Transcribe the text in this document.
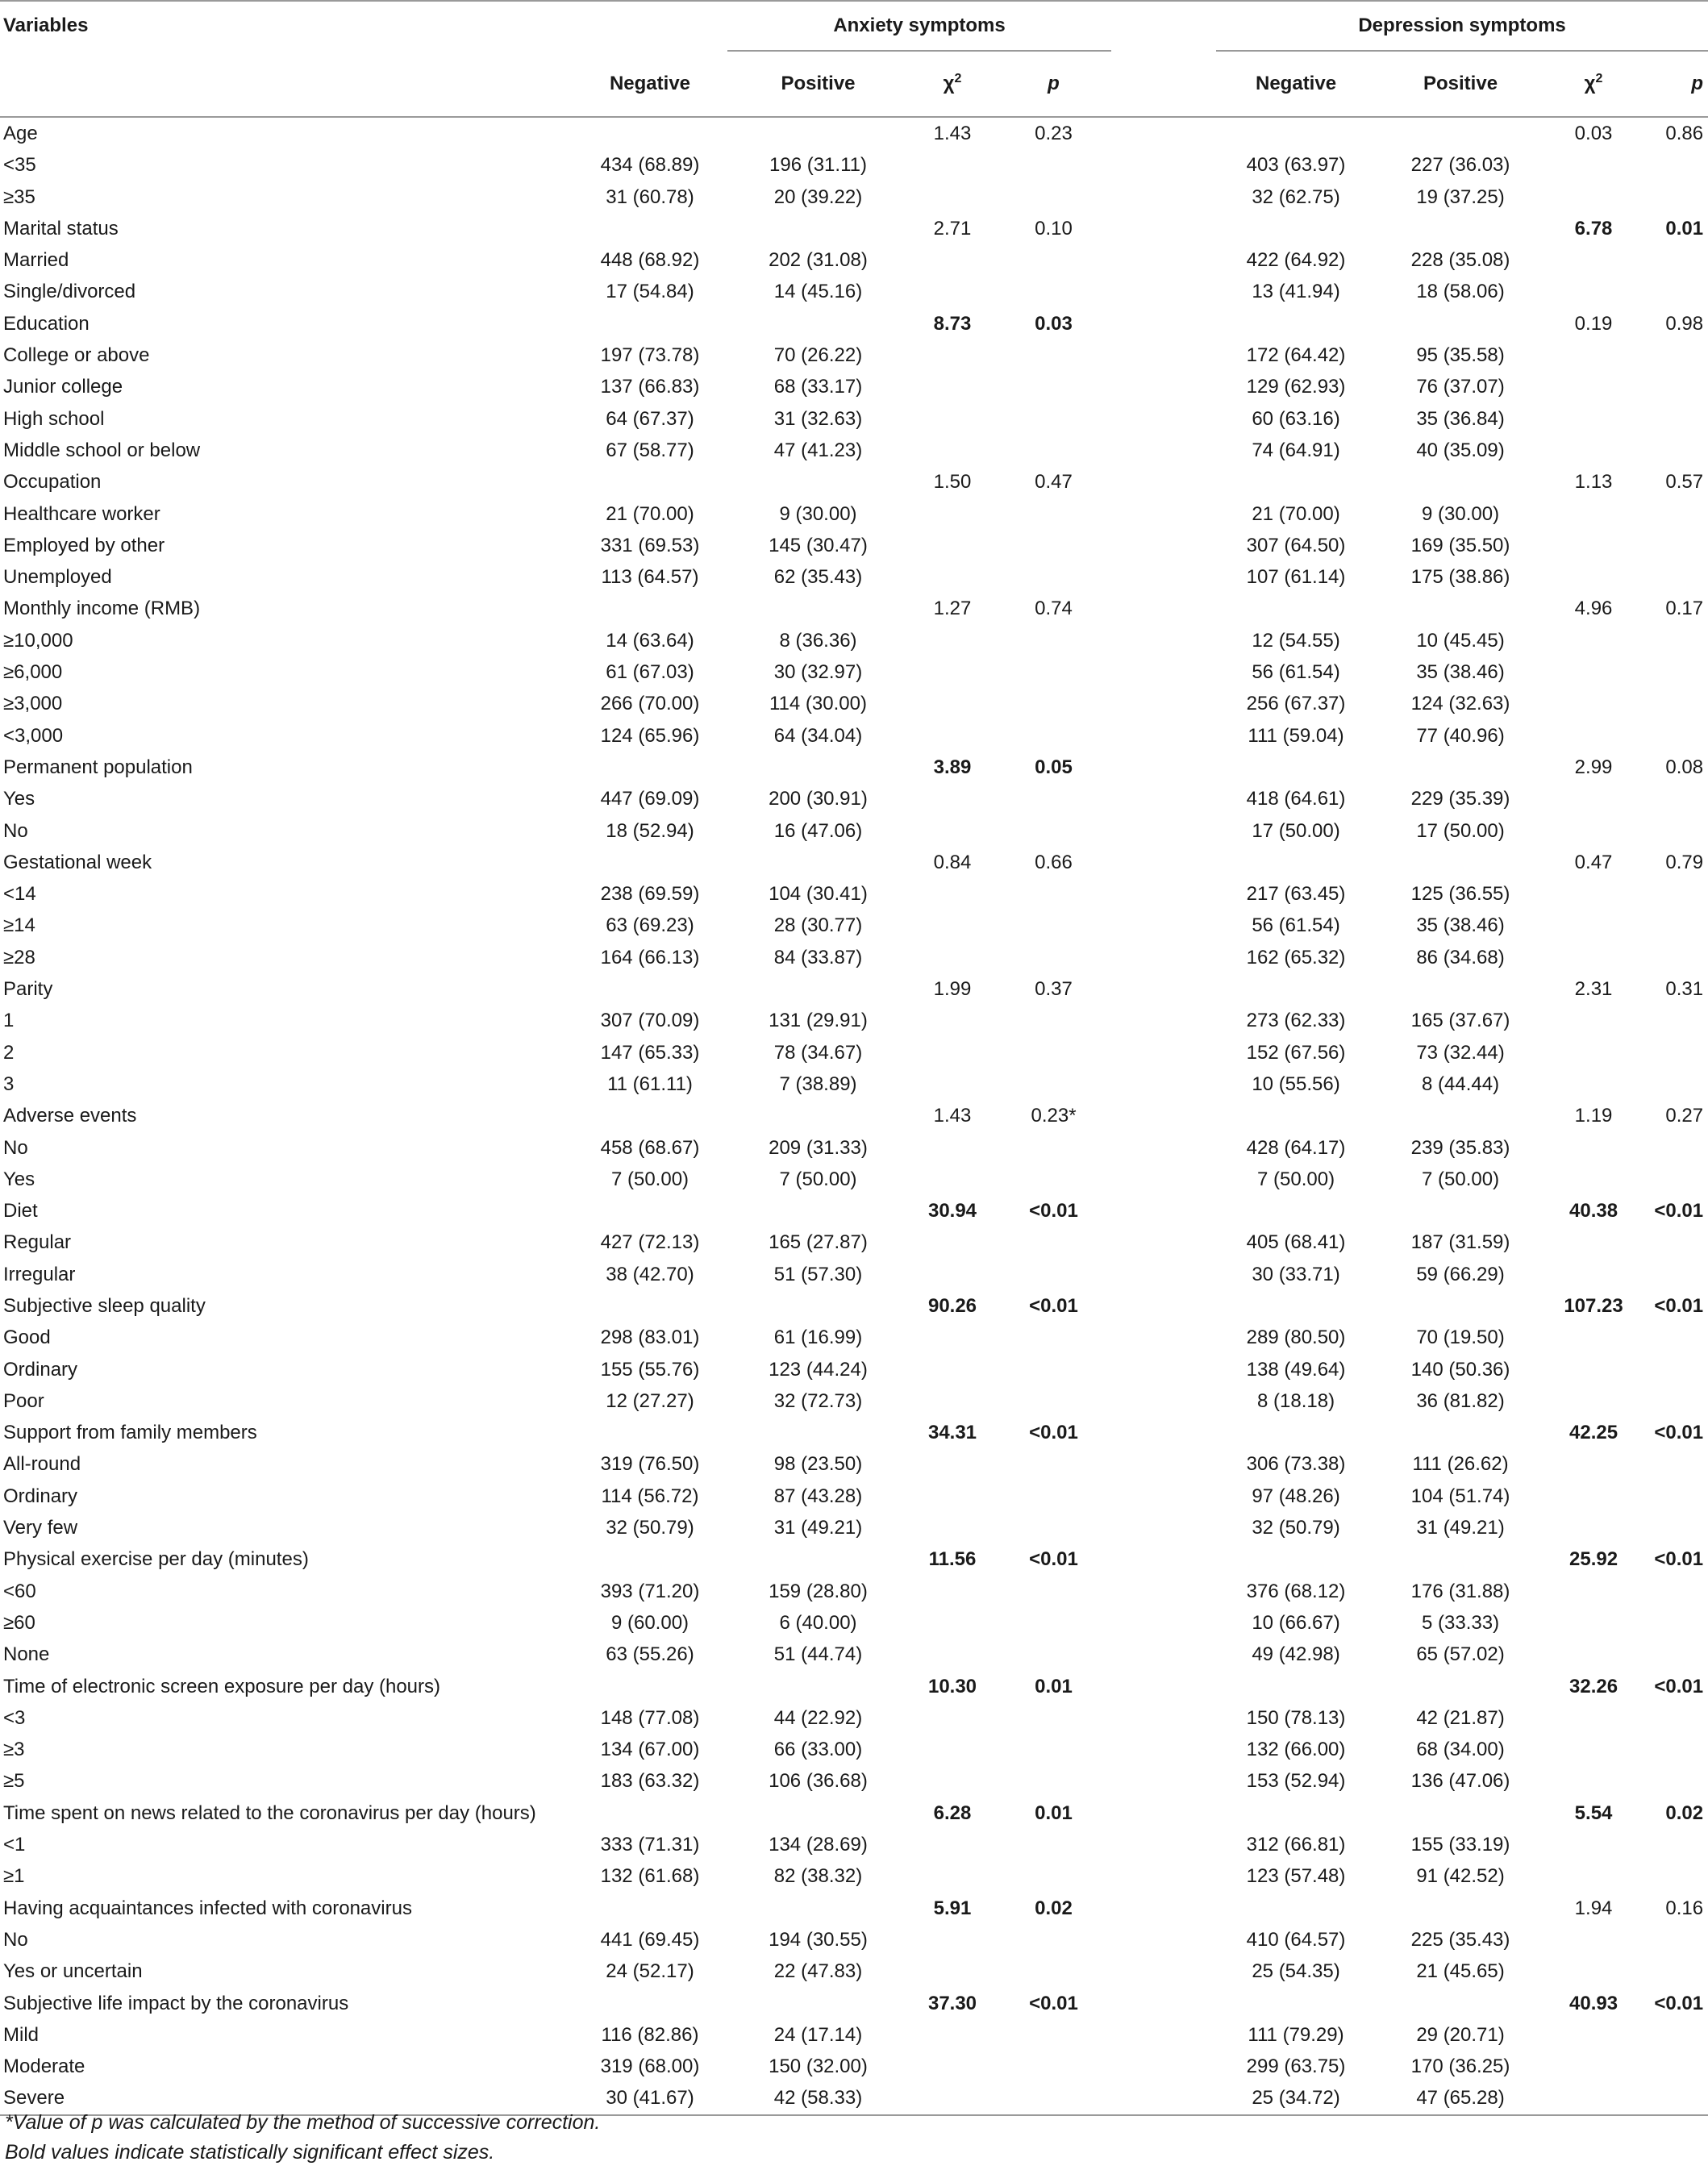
Variables		Anxiety symptoms				Depression symptoms			
	Negative	Positive	$\chi^2$	p		Negative	Positive	$\chi^2$	p
Age			1.43	0.23				0.03	0.86
<35	434 (68.89)	196 (31.11)				403 (63.97)	227 (36.03)		
≥35	31 (60.78)	20 (39.22)				32 (62.75)	19 (37.25)		
Marital status			2.71	0.10				6.78	0.01
Married	448 (68.92)	202 (31.08)				422 (64.92)	228 (35.08)		
Single/divorced	17 (54.84)	14 (45.16)				13 (41.94)	18 (58.06)		
Education			8.73	0.03				0.19	0.98
College or above	197 (73.78)	70 (26.22)				172 (64.42)	95 (35.58)		
Junior college	137 (66.83)	68 (33.17)				129 (62.93)	76 (37.07)		
High school	64 (67.37)	31 (32.63)				60 (63.16)	35 (36.84)		
Middle school or below	67 (58.77)	47 (41.23)				74 (64.91)	40 (35.09)		
Occupation			1.50	0.47				1.13	0.57
Healthcare worker	21 (70.00)	9 (30.00)				21 (70.00)	9 (30.00)		
Employed by other	331 (69.53)	145 (30.47)				307 (64.50)	169 (35.50)		
Unemployed	113 (64.57)	62 (35.43)				107 (61.14)	175 (38.86)		
Monthly income (RMB)			1.27	0.74				4.96	0.17
≥10,000	14 (63.64)	8 (36.36)				12 (54.55)	10 (45.45)		
≥6,000	61 (67.03)	30 (32.97)				56 (61.54)	35 (38.46)		
≥3,000	266 (70.00)	114 (30.00)				256 (67.37)	124 (32.63)		
<3,000	124 (65.96)	64 (34.04)				111 (59.04)	77 (40.96)		
Permanent population			3.89	0.05				2.99	0.08
Yes	447 (69.09)	200 (30.91)				418 (64.61)	229 (35.39)		
No	18 (52.94)	16 (47.06)				17 (50.00)	17 (50.00)		
Gestational week			0.84	0.66				0.47	0.79
<14	238 (69.59)	104 (30.41)				217 (63.45)	125 (36.55)		
≥14	63 (69.23)	28 (30.77)				56 (61.54)	35 (38.46)		
≥28	164 (66.13)	84 (33.87)				162 (65.32)	86 (34.68)		
Parity			1.99	0.37				2.31	0.31
1	307 (70.09)	131 (29.91)				273 (62.33)	165 (37.67)		
2	147 (65.33)	78 (34.67)				152 (67.56)	73 (32.44)		
3	11 (61.11)	7 (38.89)				10 (55.56)	8 (44.44)		
Adverse events			1.43	0.23*				1.19	0.27
No	458 (68.67)	209 (31.33)				428 (64.17)	239 (35.83)		
Yes	7 (50.00)	7 (50.00)				7 (50.00)	7 (50.00)		
Diet			30.94	<0.01				40.38	<0.01
Regular	427 (72.13)	165 (27.87)				405 (68.41)	187 (31.59)		
Irregular	38 (42.70)	51 (57.30)				30 (33.71)	59 (66.29)		
Subjective sleep quality			90.26	<0.01				107.23	<0.01
Good	298 (83.01)	61 (16.99)				289 (80.50)	70 (19.50)		
Ordinary	155 (55.76)	123 (44.24)				138 (49.64)	140 (50.36)		
Poor	12 (27.27)	32 (72.73)				8 (18.18)	36 (81.82)		
Support from family members			34.31	<0.01				42.25	<0.01
All-round	319 (76.50)	98 (23.50)				306 (73.38)	111 (26.62)		
Ordinary	114 (56.72)	87 (43.28)				97 (48.26)	104 (51.74)		
Very few	32 (50.79)	31 (49.21)				32 (50.79)	31 (49.21)		
Physical exercise per day (minutes)			11.56	<0.01				25.92	<0.01
<60	393 (71.20)	159 (28.80)				376 (68.12)	176 (31.88)		
≥60	9 (60.00)	6 (40.00)				10 (66.67)	5 (33.33)		
None	63 (55.26)	51 (44.74)				49 (42.98)	65 (57.02)		
Time of electronic screen exposure per day (hours)			10.30	0.01				32.26	<0.01
<3	148 (77.08)	44 (22.92)				150 (78.13)	42 (21.87)		
≥3	134 (67.00)	66 (33.00)				132 (66.00)	68 (34.00)		
≥5	183 (63.32)	106 (36.68)				153 (52.94)	136 (47.06)		
Time spent on news related to the coronavirus per day (hours)			6.28	0.01				5.54	0.02
<1	333 (71.31)	134 (28.69)				312 (66.81)	155 (33.19)		
≥1	132 (61.68)	82 (38.32)				123 (57.48)	91 (42.52)		
Having acquaintances infected with coronavirus			5.91	0.02				1.94	0.16
No	441 (69.45)	194 (30.55)				410 (64.57)	225 (35.43)		
Yes or uncertain	24 (52.17)	22 (47.83)				25 (54.35)	21 (45.65)		
Subjective life impact by the coronavirus			37.30	<0.01				40.93	<0.01
Mild	116 (82.86)	24 (17.14)				111 (79.29)	29 (20.71)		
Moderate	319 (68.00)	150 (32.00)				299 (63.75)	170 (36.25)		
Severe	30 (41.67)	42 (58.33)				25 (34.72)	47 (65.28)		
*Value of p was calculated by the method of successive correction.
Bold values indicate statistically significant effect sizes.
